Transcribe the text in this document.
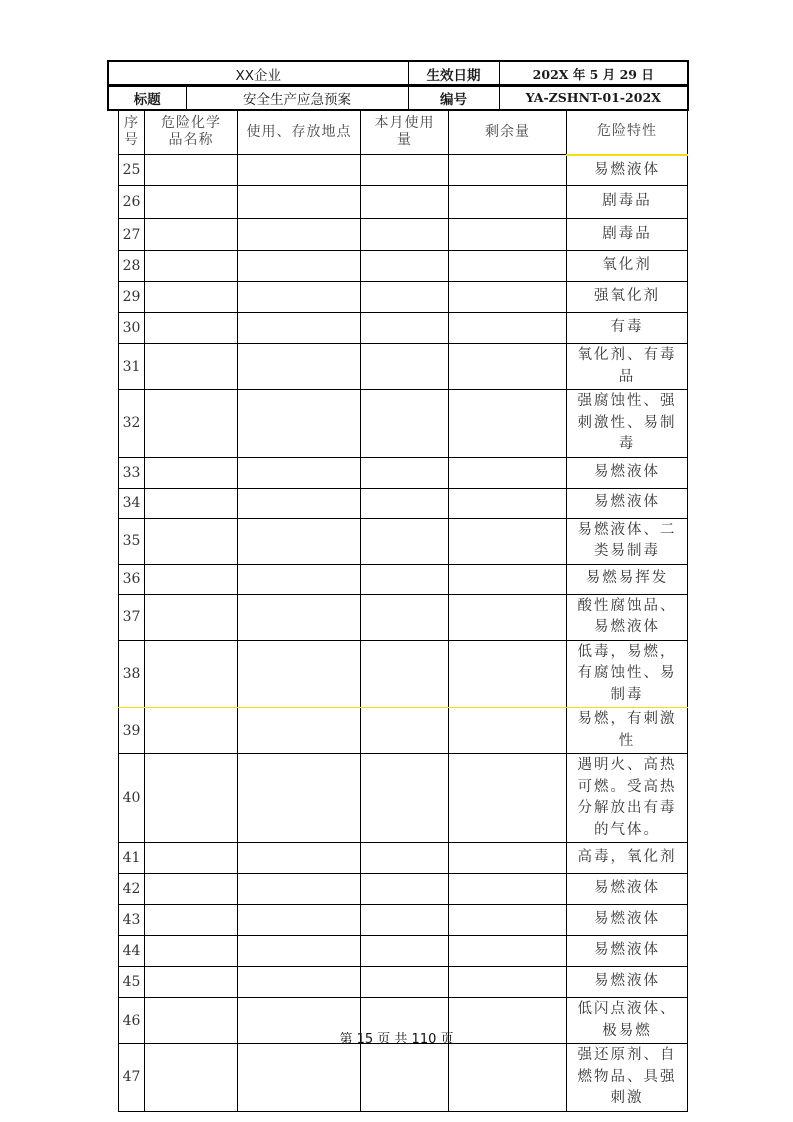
XX企业	生效日期	202X 年 5 月 29 日
标题	安全生产应急预案	编号	YA-ZSHNT-01-202X
序号	危险化学品名称	使用、存放地点	本月使用量	剩余量	危险特性
25					易燃液体
26					剧毒品
27					剧毒品
28					氧化剂
29					强氧化剂
30					有毒
31					氧化剂、有毒品
32					强腐蚀性、强刺激性、易制毒
33					易燃液体
34					易燃液体
35					易燃液体、二类易制毒
36					易燃易挥发
37					酸性腐蚀品、易燃液体
38					低毒，易燃，有腐蚀性、易制毒
39					易燃，有刺激性
40					遇明火、高热可燃。受高热分解放出有毒的气体。
41					高毒，氧化剂
42					易燃液体
43					易燃液体
44					易燃液体
45					易燃液体
46					低闪点液体、极易燃
47					强还原剂、自燃物品、具强刺激
第 15 页 共 110 页
